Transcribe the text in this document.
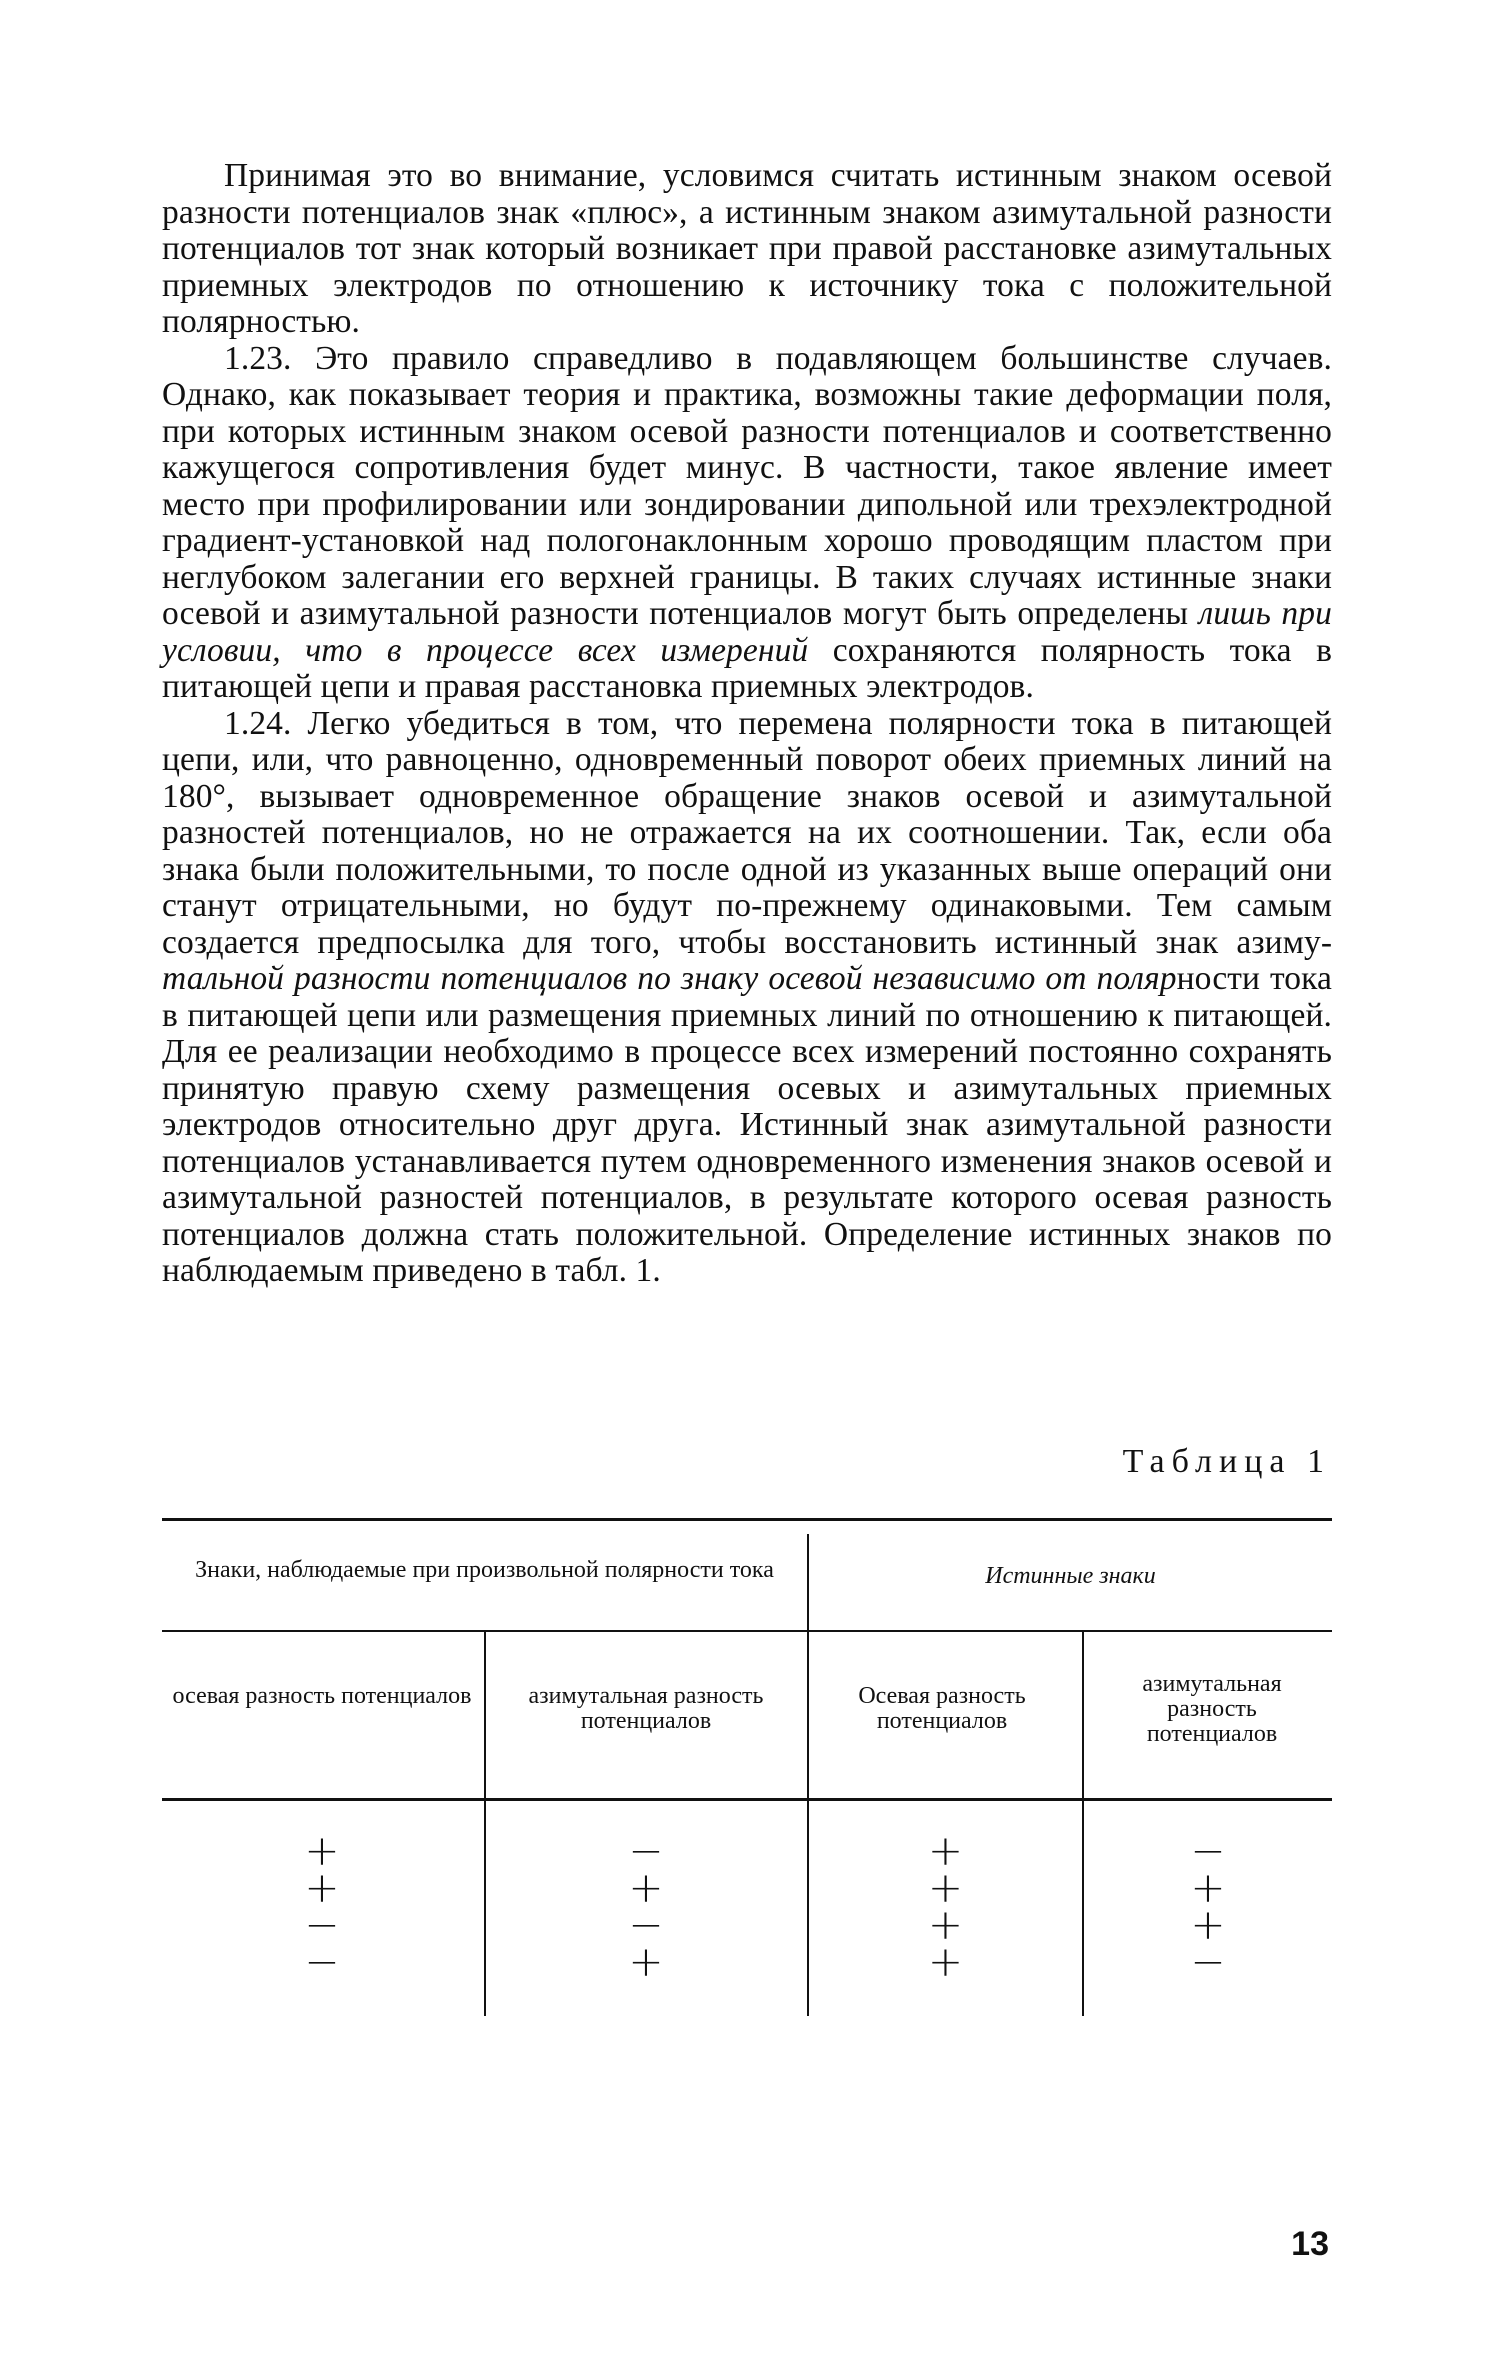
Принимая это во внимание, условимся считать истинным знаком осевой разности потенциалов знак «плюс», а истинным знаком азимутальной разности потенциалов тот знак который возникает при правой расстановке азимутальных приемных электродов по отношению к источнику тока с положительной полярностью.

1.23. Это правило справедливо в подавляющем большинстве случаев. Однако, как показывает теория и практика, возможны такие деформации поля, при которых истинным знаком осевой разности потенциалов и соответственно кажущегося сопротивления будет минус. В частности, такое явление имеет место при профилировании или зондировании дипольной или трехэлектродной градиент-установкой над пологонаклонным хорошо проводящим пластом при неглубоком залегании его верхней границы. В таких случаях истинные знаки осевой и азимутальной разности потенциалов могут быть определены лишь при условии, что в процессе всех измерений сохраняются полярность тока в питающей цепи и правая расстановка приемных электродов.

1.24. Легко убедиться в том, что перемена полярности тока в питающей цепи, или, что равноценно, одновременный поворот обеих приемных линий на 180°, вызывает одновременное обращение знаков осевой и азимутальной разностей потенциалов, но не отражается на их соотношении. Так, если оба знака были положительными, то после одной из указанных выше операций они станут отрицательными, но будут по-прежнему одинаковыми. Тем самым создается предпосылка для того, чтобы восстановить истинный знак азимутальной разности потенциалов по знаку осевой независимо от полярности тока в питающей цепи или размещения приемных линий по отношению к питающей. Для ее реализации необходимо в процессе всех измерений постоянно сохранять принятую правую схему размещения осевых и азимутальных приемных электродов относительно друг друга. Истинный знак азимутальной разности потенциалов устанавливается путем одновременного изменения знаков осевой и азимутальной разностей потенциалов, в результате которого осевая разность потенциалов должна стать положительной. Определение истинных знаков по наблюдаемым приведено в табл. 1.

Таблица 1
Знаки, наблюдаемые при произвольной полярности тока	Истинные знаки
осевая разность потенциалов	азимутальная разность потенциалов
Осевая разность потенциалов
азимутальная разность потенциалов
+
+
−
−
−
+
−
+
+
+
+
+
−
+
+
−
13
